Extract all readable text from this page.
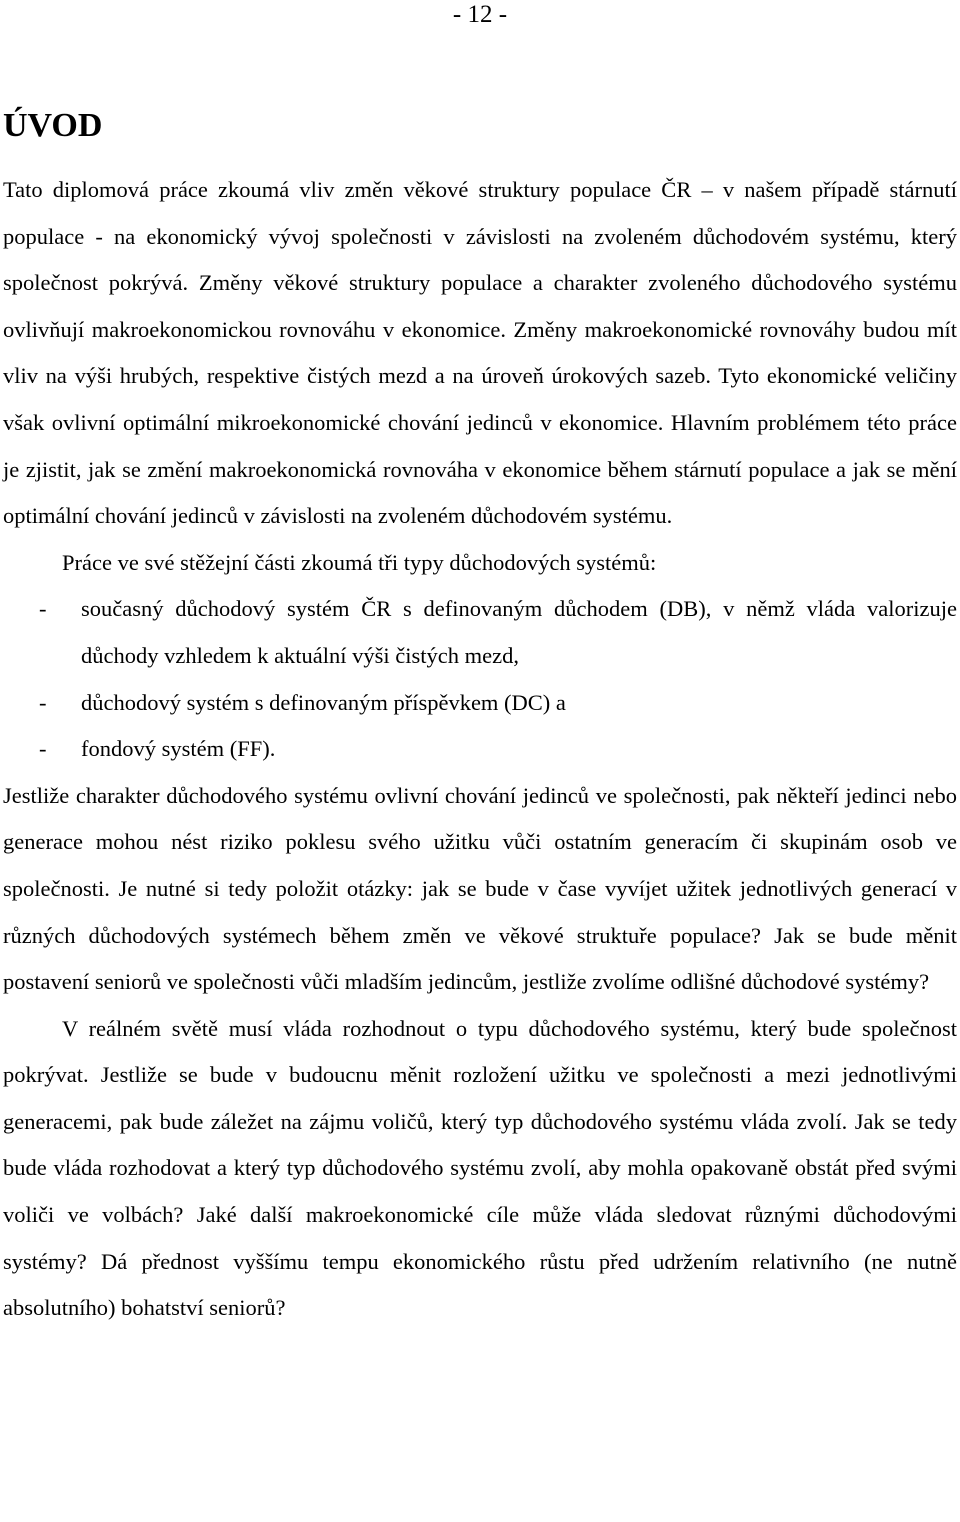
- 12 -
ÚVOD

Tato diplomová práce zkoumá vliv změn věkové struktury populace ČR – v našem případě stárnutí populace - na ekonomický vývoj společnosti v závislosti na zvoleném důchodovém systému, který společnost pokrývá. Změny věkové struktury populace a charakter zvoleného důchodového systému ovlivňují makroekonomickou rovnováhu v ekonomice. Změny makroekonomické rovnováhy budou mít vliv na výši hrubých, respektive čistých mezd a na úroveň úrokových sazeb. Tyto ekonomické veličiny však ovlivní optimální mikroekonomické chování jedinců v ekonomice. Hlavním problémem této práce je zjistit, jak se změní makroekonomická rovnováha v ekonomice během stárnutí populace a jak se mění optimální chování jedinců v závislosti na zvoleném důchodovém systému.

Práce ve své stěžejní části zkoumá tři typy důchodových systémů:

- současný důchodový systém ČR s definovaným důchodem (DB), v němž vláda valorizuje důchody vzhledem k aktuální výši čistých mezd,
- důchodový systém s definovaným příspěvkem (DC) a
- fondový systém (FF).

Jestliže charakter důchodového systému ovlivní chování jedinců ve společnosti, pak někteří jedinci nebo generace mohou nést riziko poklesu svého užitku vůči ostatním generacím či skupinám osob ve společnosti. Je nutné si tedy položit otázky: jak se bude v čase vyvíjet užitek jednotlivých generací v různých důchodových systémech během změn ve věkové struktuře populace? Jak se bude měnit postavení seniorů ve společnosti vůči mladším jedincům, jestliže zvolíme odlišné důchodové systémy?

V reálném světě musí vláda rozhodnout o typu důchodového systému, který bude společnost pokrývat. Jestliže se bude v budoucnu měnit rozložení užitku ve společnosti a mezi jednotlivými generacemi, pak bude záležet na zájmu voličů, který typ důchodového systému vláda zvolí. Jak se tedy bude vláda rozhodovat a který typ důchodového systému zvolí, aby mohla opakovaně obstát před svými voliči ve volbách? Jaké další makroekonomické cíle může vláda sledovat různými důchodovými systémy? Dá přednost vyššímu tempu ekonomického růstu před udržením relativního (ne nutně absolutního) bohatství seniorů?
